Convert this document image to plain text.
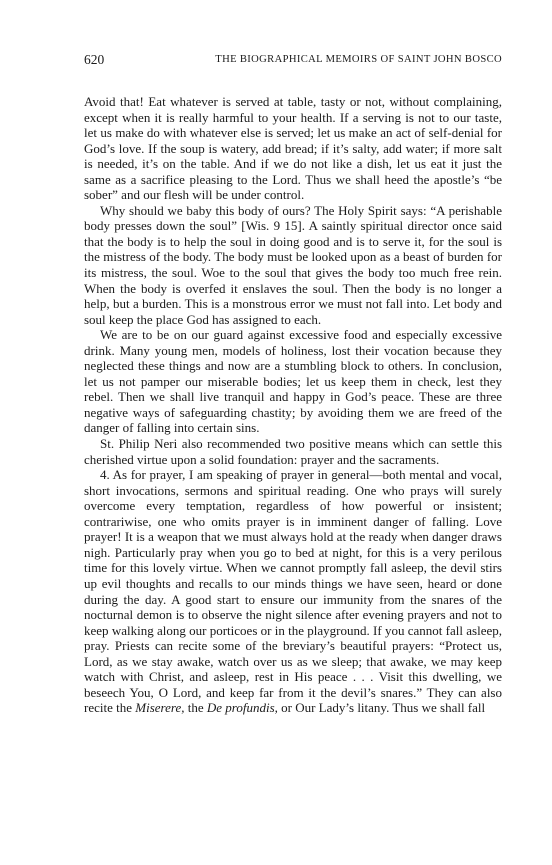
620	THE BIOGRAPHICAL MEMOIRS OF SAINT JOHN BOSCO

Avoid that! Eat whatever is served at table, tasty or not, without complaining, except when it is really harmful to your health. If a serving is not to our taste, let us make do with whatever else is served; let us make an act of self-denial for God’s love. If the soup is watery, add bread; if it’s salty, add water; if more salt is needed, it’s on the table. And if we do not like a dish, let us eat it just the same as a sacrifice pleasing to the Lord. Thus we shall heed the apostle’s “be sober” and our flesh will be under control.

Why should we baby this body of ours? The Holy Spirit says: “A perishable body presses down the soul” [Wis. 9 15]. A saintly spiritual director once said that the body is to help the soul in doing good and is to serve it, for the soul is the mistress of the body. The body must be looked upon as a beast of burden for its mistress, the soul. Woe to the soul that gives the body too much free rein. When the body is overfed it enslaves the soul. Then the body is no longer a help, but a burden. This is a monstrous error we must not fall into. Let body and soul keep the place God has assigned to each.

We are to be on our guard against excessive food and especially excessive drink. Many young men, models of holiness, lost their vocation because they neglected these things and now are a stumbling block to others. In conclusion, let us not pamper our miserable bodies; let us keep them in check, lest they rebel. Then we shall live tranquil and happy in God’s peace. These are three negative ways of safeguarding chastity; by avoiding them we are freed of the danger of falling into certain sins.

St. Philip Neri also recommended two positive means which can settle this cherished virtue upon a solid foundation: prayer and the sacraments.

4. As for prayer, I am speaking of prayer in general—both mental and vocal, short invocations, sermons and spiritual reading. One who prays will surely overcome every temptation, regardless of how powerful or insistent; contrariwise, one who omits prayer is in imminent danger of falling. Love prayer! It is a weapon that we must always hold at the ready when danger draws nigh. Particularly pray when you go to bed at night, for this is a very perilous time for this lovely virtue. When we cannot promptly fall asleep, the devil stirs up evil thoughts and recalls to our minds things we have seen, heard or done during the day. A good start to ensure our immunity from the snares of the nocturnal demon is to observe the night silence after evening prayers and not to keep walking along our porticoes or in the playground. If you cannot fall asleep, pray. Priests can recite some of the breviary’s beautiful prayers: “Protect us, Lord, as we stay awake, watch over us as we sleep; that awake, we may keep watch with Christ, and asleep, rest in His peace . . . Visit this dwelling, we beseech You, O Lord, and keep far from it the devil’s snares.” They can also recite the Miserere, the De profundis, or Our Lady’s litany. Thus we shall fall
